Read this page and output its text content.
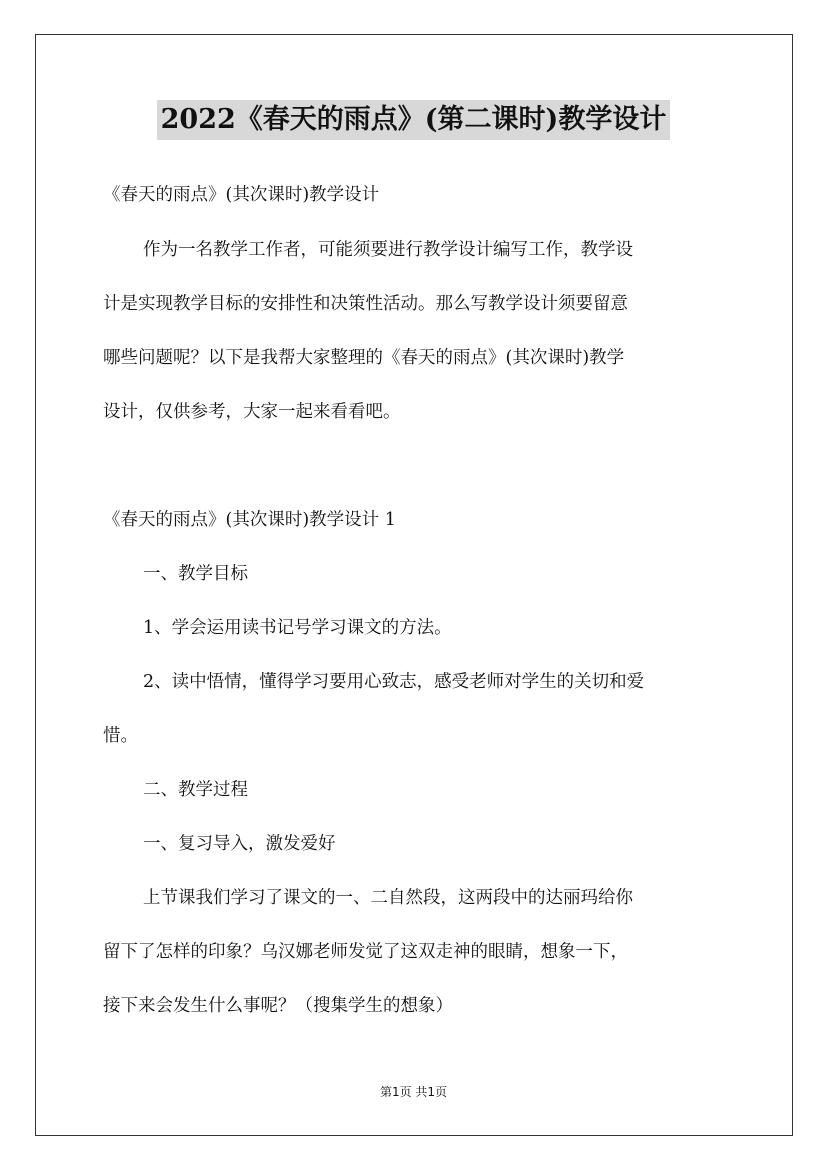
2022《春天的雨点》(第二课时)教学设计
《春天的雨点》(其次课时)教学设计
作为一名教学工作者，可能须要进行教学设计编写工作，教学设
计是实现教学目标的安排性和决策性活动。那么写教学设计须要留意
哪些问题呢？以下是我帮大家整理的《春天的雨点》(其次课时)教学
设计，仅供参考，大家一起来看看吧。
《春天的雨点》(其次课时)教学设计 1
一、教学目标
1、学会运用读书记号学习课文的方法。
2、读中悟情，懂得学习要用心致志，感受老师对学生的关切和爱
惜。
二、教学过程
一、复习导入，激发爱好
上节课我们学习了课文的一、二自然段，这两段中的达丽玛给你
留下了怎样的印象？乌汉娜老师发觉了这双走神的眼睛，想象一下，
接下来会发生什么事呢？（搜集学生的想象）
第1页 共1页
